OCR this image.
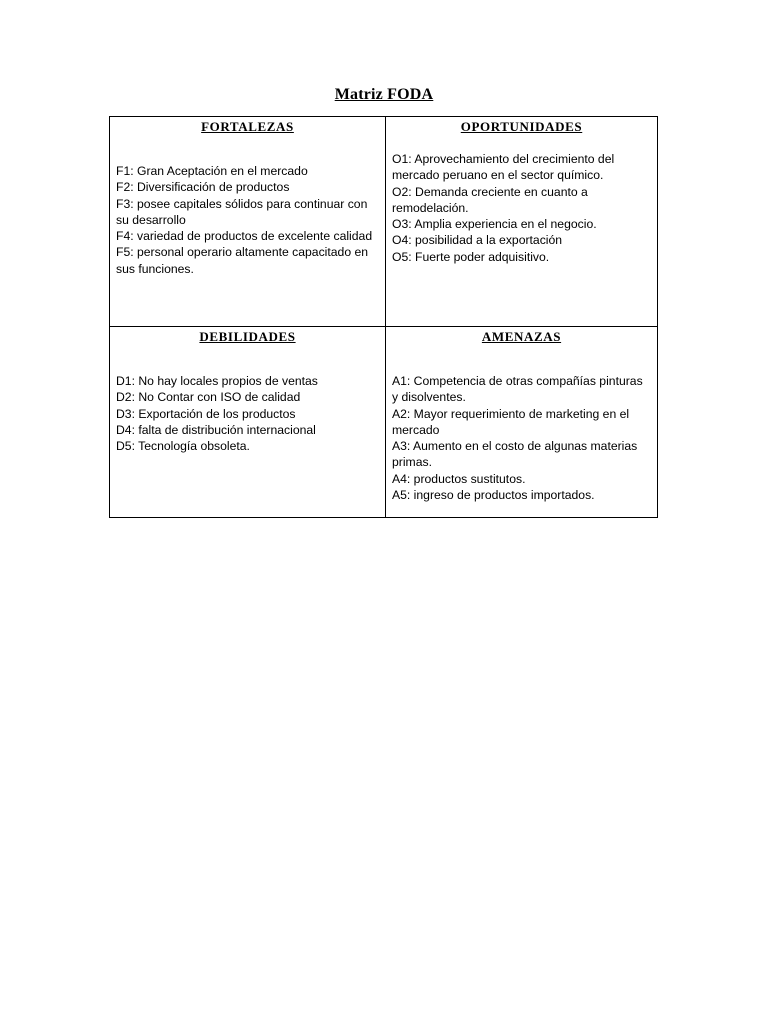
Matriz FODA
FORTALEZAS
F1: Gran Aceptación en el mercado
F2: Diversificación de productos
F3: posee capitales sólidos para continuar con su desarrollo
F4: variedad de productos de excelente calidad
F5: personal operario altamente capacitado en sus funciones.
OPORTUNIDADES
O1: Aprovechamiento del crecimiento del mercado peruano en el sector químico.
O2: Demanda creciente en cuanto a remodelación.
O3: Amplia experiencia en el negocio.
O4: posibilidad a la exportación
O5: Fuerte poder adquisitivo.
DEBILIDADES
D1: No hay locales propios de ventas
D2: No Contar con ISO de calidad
D3: Exportación de los productos
D4: falta de distribución internacional
D5: Tecnología obsoleta.
AMENAZAS
A1: Competencia de otras compañías pinturas y disolventes.
A2: Mayor requerimiento de marketing en el mercado
A3: Aumento en el costo de algunas materias primas.
A4: productos sustitutos.
A5: ingreso de productos importados.
